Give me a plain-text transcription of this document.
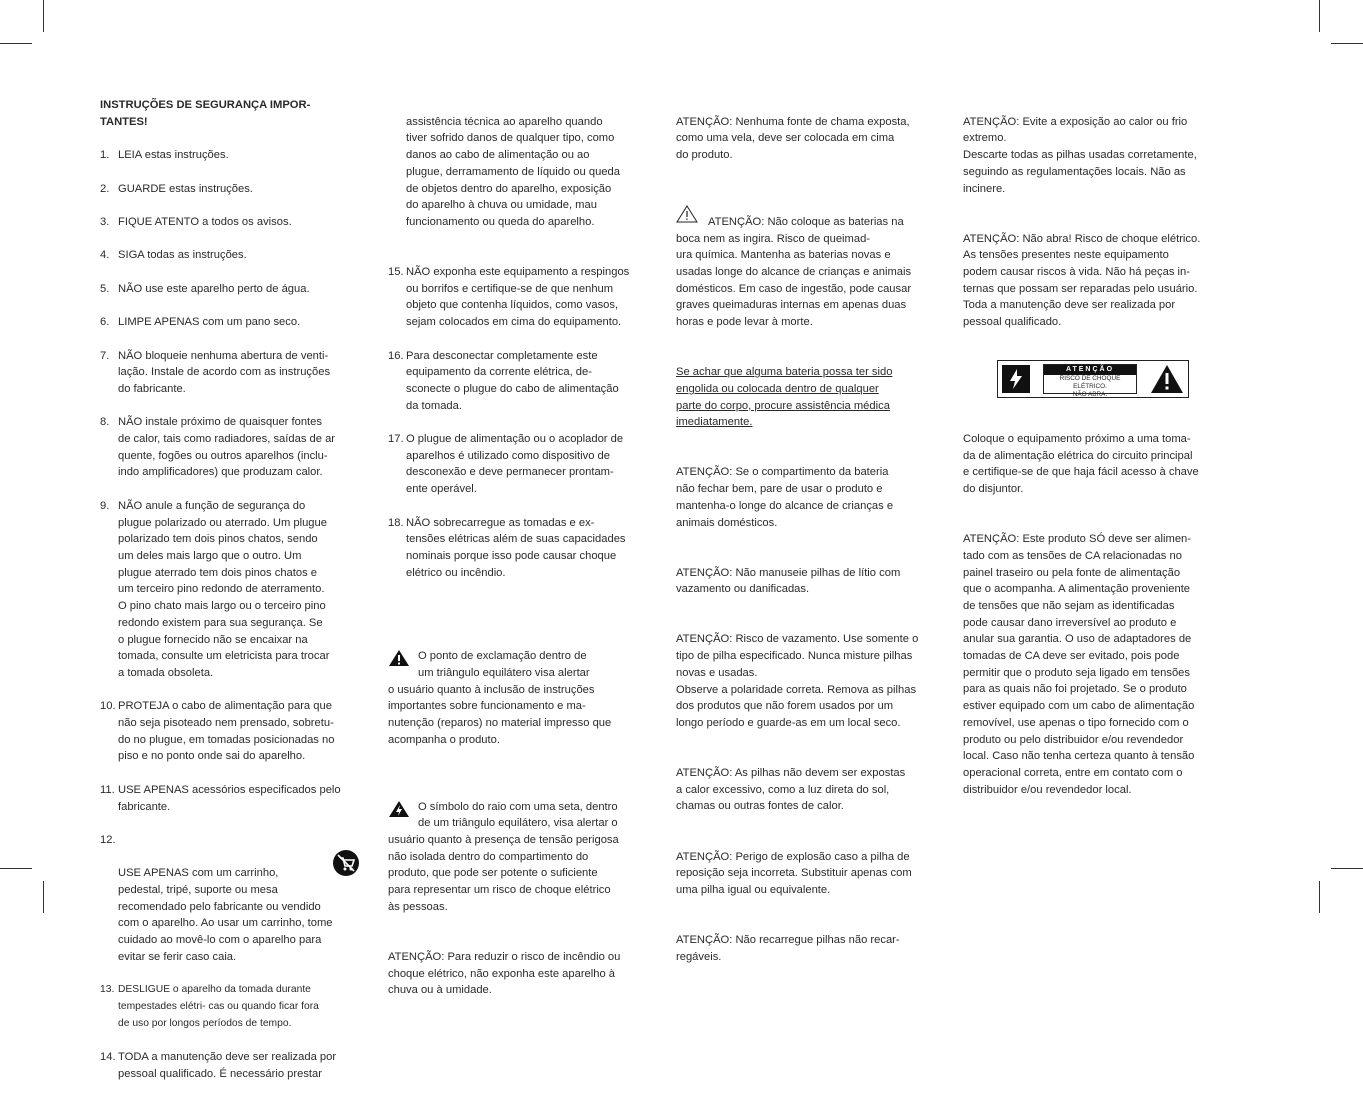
INSTRUÇÕES DE SEGURANÇA IMPOR-
TANTES!

1. LEIA estas instruções.

2. GUARDE estas instruções.

3. FIQUE ATENTO a todos os avisos.

4. SIGA todas as instruções.

5. NÃO use este aparelho perto de água.

6. LIMPE APENAS com um pano seco.

7. NÃO bloqueie nenhuma abertura de venti-
lação. Instale de acordo com as instruções
do fabricante.

8. NÃO instale próximo de quaisquer fontes
de calor, tais como radiadores, saídas de ar
quente, fogões ou outros aparelhos (inclu-
indo amplificadores) que produzam calor.

9. NÃO anule a função de segurança do
plugue polarizado ou aterrado. Um plugue
polarizado tem dois pinos chatos, sendo
um deles mais largo que o outro. Um
plugue aterrado tem dois pinos chatos e
um terceiro pino redondo de aterramento.
O pino chato mais largo ou o terceiro pino
redondo existem para sua segurança. Se
o plugue fornecido não se encaixar na
tomada, consulte um eletricista para trocar
a tomada obsoleta.

10. PROTEJA o cabo de alimentação para que
não seja pisoteado nem prensado, sobretu-
do no plugue, em tomadas posicionadas no
piso e no ponto onde sai do aparelho.

11. USE APENAS acessórios especificados pelo
fabricante.

12.

USE APENAS com um carrinho,
pedestal, tripé, suporte ou mesa
recomendado pelo fabricante ou vendido
com o aparelho. Ao usar um carrinho, tome
cuidado ao movê-lo com o aparelho para
evitar se ferir caso caia.

13. DESLIGUE o aparelho da tomada durante
tempestades elétri- cas ou quando ficar fora
de uso por longos períodos de tempo.

14. TODA a manutenção deve ser realizada por
pessoal qualificado. É necessário prestar

assistência técnica ao aparelho quando
tiver sofrido danos de qualquer tipo, como
danos ao cabo de alimentação ou ao
plugue, derramamento de líquido ou queda
de objetos dentro do aparelho, exposição
do aparelho à chuva ou umidade, mau
funcionamento ou queda do aparelho.

15. NÃO exponha este equipamento a respingos
ou borrifos e certifique-se de que nenhum
objeto que contenha líquidos, como vasos,
sejam colocados em cima do equipamento.

16. Para desconectar completamente este
equipamento da corrente elétrica, de-
sconecte o plugue do cabo de alimentação
da tomada.

17. O plugue de alimentação ou o acoplador de
aparelhos é utilizado como dispositivo de
desconexão e deve permanecer prontam-
ente operável.

18. NÃO sobrecarregue as tomadas e ex-
tensões elétricas além de suas capacidades
nominais porque isso pode causar choque
elétrico ou incêndio.

O ponto de exclamação dentro de
um triângulo equilátero visa alertar
o usuário quanto à inclusão de instruções
importantes sobre funcionamento e ma-
nutenção (reparos) no material impresso que
acompanha o produto.

O símbolo do raio com uma seta, dentro
de um triângulo equilátero, visa alertar o
usuário quanto à presença de tensão perigosa
não isolada dentro do compartimento do
produto, que pode ser potente o suficiente
para representar um risco de choque elétrico
às pessoas.

ATENÇÃO: Para reduzir o risco de incêndio ou
choque elétrico, não exponha este aparelho à
chuva ou à umidade.

ATENÇÃO: Nenhuma fonte de chama exposta,
como uma vela, deve ser colocada em cima
do produto.

ATENÇÃO: Não coloque as baterias na
boca nem as ingira. Risco de queimad-
ura química. Mantenha as baterias novas e
usadas longe do alcance de crianças e animais
domésticos. Em caso de ingestão, pode causar
graves queimaduras internas em apenas duas
horas e pode levar à morte.

Se achar que alguma bateria possa ter sido
engolida ou colocada dentro de qualquer
parte do corpo, procure assistência médica
imediatamente.

ATENÇÃO: Se o compartimento da bateria
não fechar bem, pare de usar o produto e
mantenha-o longe do alcance de crianças e
animais domésticos.

ATENÇÃO: Não manuseie pilhas de lítio com
vazamento ou danificadas.

ATENÇÃO: Risco de vazamento. Use somente o
tipo de pilha especificado. Nunca misture pilhas
novas e usadas.
Observe a polaridade correta. Remova as pilhas
dos produtos que não forem usados por um
longo período e guarde-as em um local seco.

ATENÇÃO: As pilhas não devem ser expostas
a calor excessivo, como a luz direta do sol,
chamas ou outras fontes de calor.

ATENÇÃO: Perigo de explosão caso a pilha de
reposição seja incorreta. Substituir apenas com
uma pilha igual ou equivalente.

ATENÇÃO: Não recarregue pilhas não recar-
regáveis.

ATENÇÃO: Evite a exposição ao calor ou frio
extremo.
Descarte todas as pilhas usadas corretamente,
seguindo as regulamentações locais. Não as
incinere.

ATENÇÃO: Não abra! Risco de choque elétrico.
As tensões presentes neste equipamento
podem causar riscos à vida. Não há peças in-
ternas que possam ser reparadas pelo usuário.
Toda a manutenção deve ser realizada por
pessoal qualificado.

ATENÇÃO
RISCO DE CHOQUE ELÉTRICO.
NÃO ABRA.

Coloque o equipamento próximo a uma toma-
da de alimentação elétrica do circuito principal
e certifique-se de que haja fácil acesso à chave
do disjuntor.

ATENÇÃO: Este produto SÓ deve ser alimen-
tado com as tensões de CA relacionadas no
painel traseiro ou pela fonte de alimentação
que o acompanha. A alimentação proveniente
de tensões que não sejam as identificadas
pode causar dano irreversível ao produto e
anular sua garantia. O uso de adaptadores de
tomadas de CA deve ser evitado, pois pode
permitir que o produto seja ligado em tensões
para as quais não foi projetado. Se o produto
estiver equipado com um cabo de alimentação
removível, use apenas o tipo fornecido com o
produto ou pelo distribuidor e/ou revendedor
local. Caso não tenha certeza quanto à tensão
operacional correta, entre em contato com o
distribuidor e/ou revendedor local.
